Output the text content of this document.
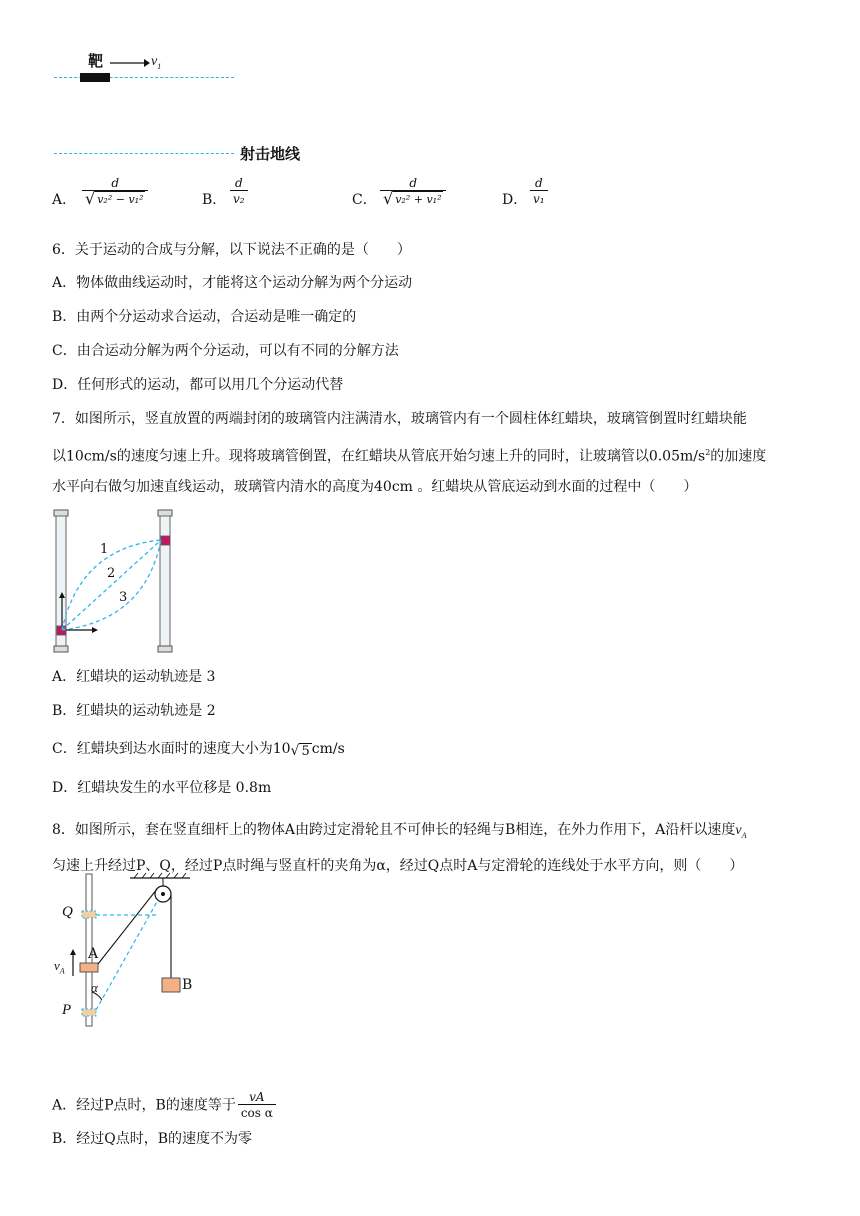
靶	$v_1$
射击地线
A． $\frac{d}{\text{√ v₂² − v₁²}}$	B． $\frac{d}{\text{v₂}}$	C． $\frac{d}{\text{√ v₂² + v₁²}}$	D． $\frac{d}{\text{v₁}}$
6．关于运动的合成与分解，以下说法不正确的是（　　）
A．物体做曲线运动时，才能将这个运动分解为两个分运动
B．由两个分运动求合运动，合运动是唯一确定的
C．由合运动分解为两个分运动，可以有不同的分解方法
D．任何形式的运动，都可以用几个分运动代替
7．如图所示，竖直放置的两端封闭的玻璃管内注满清水，玻璃管内有一个圆柱体红蜡块，玻璃管倒置时红蜡块能
以10cm/s的速度匀速上升。现将玻璃管倒置，在红蜡块从管底开始匀速上升的同时，让玻璃管以$0.05m/s^2$的加速度
水平向右做匀加速直线运动，玻璃管内清水的高度为40cm 。红蜡块从管底运动到水面的过程中（　　）
1
2
3
A．红蜡块的运动轨迹是 3
B．红蜡块的运动轨迹是 2
C．红蜡块到达水面时的速度大小为10 √ 5 cm/s
D．红蜡块发生的水平位移是 0.8m
8．如图所示，套在竖直细杆上的物体A由跨过定滑轮且不可伸长的轻绳与B相连，在外力作用下，A沿杆以速度$v_A$
匀速上升经过P、Q，经过P点时绳与竖直杆的夹角为α，经过Q点时A与定滑轮的连线处于水平方向，则（　　）
Q
A
$v_A$
α
P
B
A．经过P点时，B的速度等于 $\frac{vA}{\text{cos α}}$
B．经过Q点时，B的速度不为零
